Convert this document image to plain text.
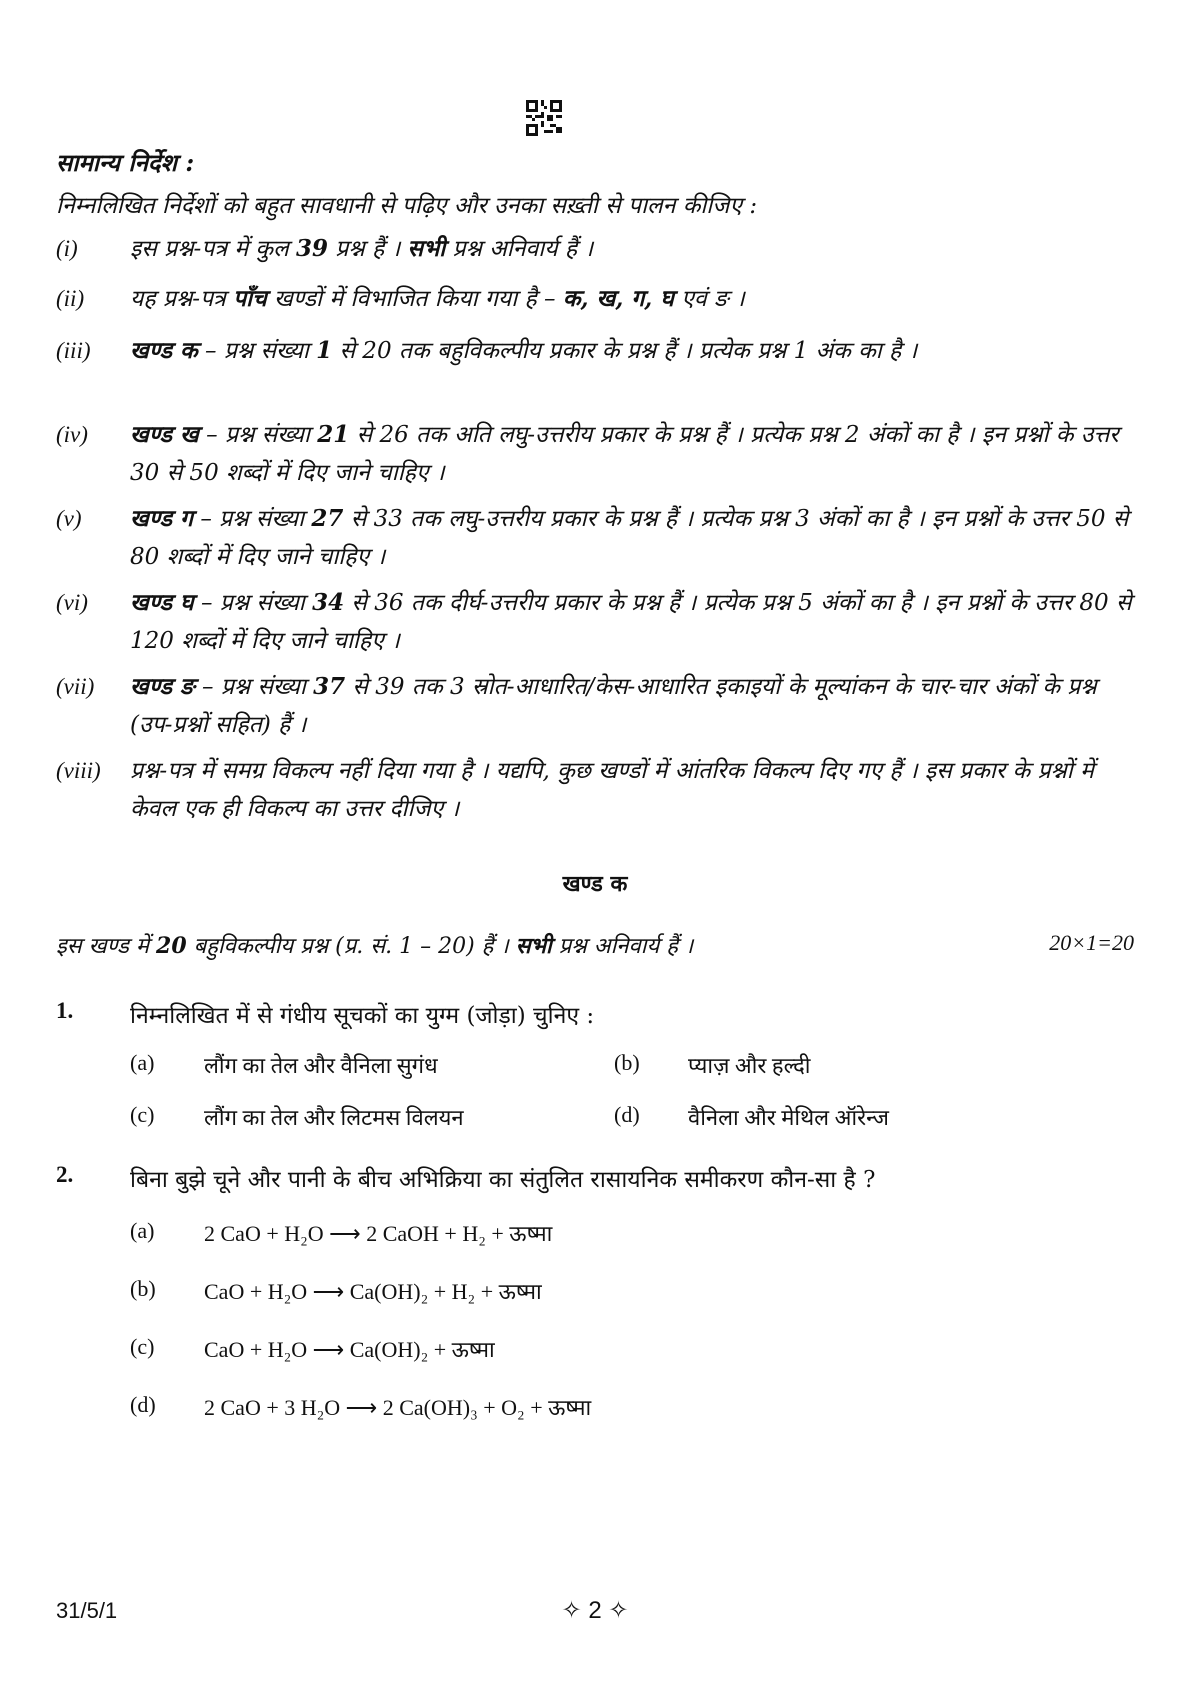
सामान्य निर्देश :
निम्नलिखित निर्देशों को बहुत सावधानी से पढ़िए और उनका सख़्ती से पालन कीजिए :
(i)	इस प्रश्न-पत्र में कुल 39 प्रश्न हैं । सभी प्रश्न अनिवार्य हैं ।
(ii)	यह प्रश्न-पत्र पाँच खण्डों में विभाजित किया गया है – क, ख, ग, घ एवं ङ ।
(iii)	खण्ड क – प्रश्न संख्या 1 से 20 तक बहुविकल्पीय प्रकार के प्रश्न हैं । प्रत्येक प्रश्न 1 अंक का है ।
(iv)	खण्ड ख – प्रश्न संख्या 21 से 26 तक अति लघु-उत्तरीय प्रकार के प्रश्न हैं । प्रत्येक प्रश्न 2 अंकों का है । इन प्रश्नों के उत्तर 30 से 50 शब्दों में दिए जाने चाहिए ।
(v)	खण्ड ग – प्रश्न संख्या 27 से 33 तक लघु-उत्तरीय प्रकार के प्रश्न हैं । प्रत्येक प्रश्न 3 अंकों का है । इन प्रश्नों के उत्तर 50 से 80 शब्दों में दिए जाने चाहिए ।
(vi)	खण्ड घ – प्रश्न संख्या 34 से 36 तक दीर्घ-उत्तरीय प्रकार के प्रश्न हैं । प्रत्येक प्रश्न 5 अंकों का है । इन प्रश्नों के उत्तर 80 से 120 शब्दों में दिए जाने चाहिए ।
(vii)	खण्ड ङ – प्रश्न संख्या 37 से 39 तक 3 स्रोत-आधारित/केस-आधारित इकाइयों के मूल्यांकन के चार-चार अंकों के प्रश्न (उप-प्रश्नों सहित) हैं ।
(viii)	प्रश्न-पत्र में समग्र विकल्प नहीं दिया गया है । यद्यपि, कुछ खण्डों में आंतरिक विकल्प दिए गए हैं । इस प्रकार के प्रश्नों में केवल एक ही विकल्प का उत्तर दीजिए ।
खण्ड क
इस खण्ड में 20 बहुविकल्पीय प्रश्न (प्र. सं. 1 – 20) हैं । सभी प्रश्न अनिवार्य हैं ।	20×1=20
1. निम्नलिखित में से गंधीय सूचकों का युग्म (जोड़ा) चुनिए :
(a) लौंग का तेल और वैनिला सुगंध	(b) प्याज़ और हल्दी
(c) लौंग का तेल और लिटमस विलयन	(d) वैनिला और मेथिल ऑरेन्ज
2. बिना बुझे चूने और पानी के बीच अभिक्रिया का संतुलित रासायनिक समीकरण कौन-सा है ?
(a) 2 CaO + H₂O ⟶ 2 CaOH + H₂ + ऊष्मा
(b) CaO + H₂O ⟶ Ca(OH)₂ + H₂ + ऊष्मा
(c) CaO + H₂O ⟶ Ca(OH)₂ + ऊष्मा
(d) 2 CaO + 3 H₂O ⟶ 2 Ca(OH)₃ + O₂ + ऊष्मा
31/5/1	✧ 2 ✧
